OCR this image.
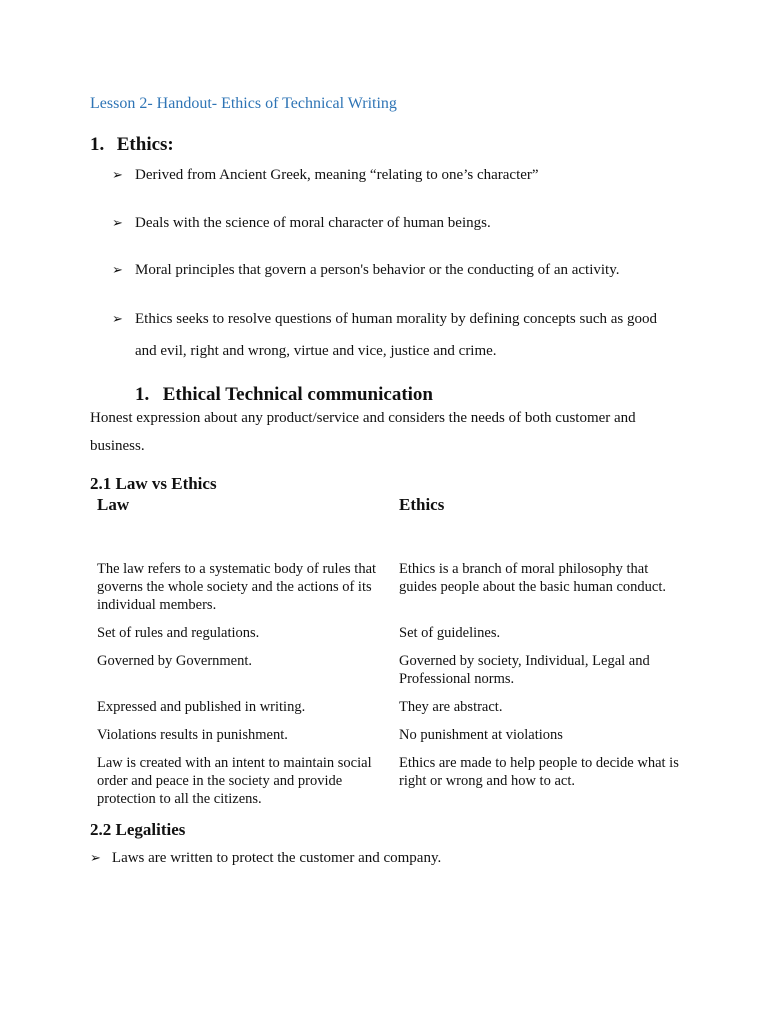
Lesson 2- Handout- Ethics of Technical Writing
1. Ethics:
➢ Derived from Ancient Greek, meaning “relating to one’s character”
➢ Deals with the science of moral character of human beings.
➢ Moral principles that govern a person's behavior or the conducting of an activity.
➢ Ethics seeks to resolve questions of human morality by defining concepts such as good and evil, right and wrong, virtue and vice, justice and crime.
1. Ethical Technical communication
Honest expression about any product/service and considers the needs of both customer and business.
2.1 Law vs Ethics
Law	Ethics
The law refers to a systematic body of rules that governs the whole society and the actions of its individual members.	Ethics is a branch of moral philosophy that guides people about the basic human conduct.
Set of rules and regulations.	Set of guidelines.
Governed by Government.	Governed by society, Individual, Legal and Professional norms.
Expressed and published in writing.	They are abstract.
Violations results in punishment.	No punishment at violations
Law is created with an intent to maintain social order and peace in the society and provide protection to all the citizens.	Ethics are made to help people to decide what is right or wrong and how to act.
2.2 Legalities
➢ Laws are written to protect the customer and company.
